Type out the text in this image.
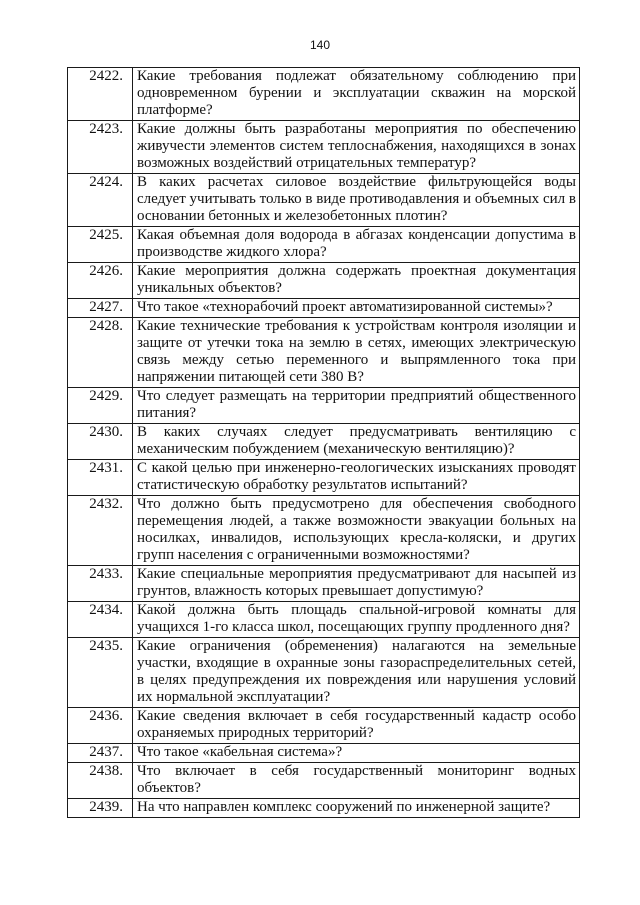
140
2422.	Какие требования подлежат обязательному соблюдению при одновременном бурении и эксплуатации скважин на морской платформе?
2423.	Какие должны быть разработаны мероприятия по обеспечению живучести элементов систем теплоснабжения, находящихся в зонах возможных воздействий отрицательных температур?
2424.	В каких расчетах силовое воздействие фильтрующейся воды следует учитывать только в виде противодавления и объемных сил в основании бетонных и железобетонных плотин?
2425.	Какая объемная доля водорода в абгазах конденсации допустима в производстве жидкого хлора?
2426.	Какие мероприятия должна содержать проектная документация уникальных объектов?
2427.	Что такое «технорабочий проект автоматизированной системы»?
2428.	Какие технические требования к устройствам контроля изоляции и защите от утечки тока на землю в сетях, имеющих электрическую связь между сетью переменного и выпрямленного тока при напряжении питающей сети 380 В?
2429.	Что следует размещать на территории предприятий общественного питания?
2430.	В каких случаях следует предусматривать вентиляцию с механическим побуждением (механическую вентиляцию)?
2431.	С какой целью при инженерно-геологических изысканиях проводят статистическую обработку результатов испытаний?
2432.	Что должно быть предусмотрено для обеспечения свободного перемещения людей, а также возможности эвакуации больных на носилках, инвалидов, использующих кресла-коляски, и других групп населения с ограниченными возможностями?
2433.	Какие специальные мероприятия предусматривают для насыпей из грунтов, влажность которых превышает допустимую?
2434.	Какой должна быть площадь спальной-игровой комнаты для учащихся 1-го класса школ, посещающих группу продленного дня?
2435.	Какие ограничения (обременения) налагаются на земельные участки, входящие в охранные зоны газораспределительных сетей, в целях предупреждения их повреждения или нарушения условий их нормальной эксплуатации?
2436.	Какие сведения включает в себя государственный кадастр особо охраняемых природных территорий?
2437.	Что такое «кабельная система»?
2438.	Что включает в себя государственный мониторинг водных объектов?
2439.	На что направлен комплекс сооружений по инженерной защите?
